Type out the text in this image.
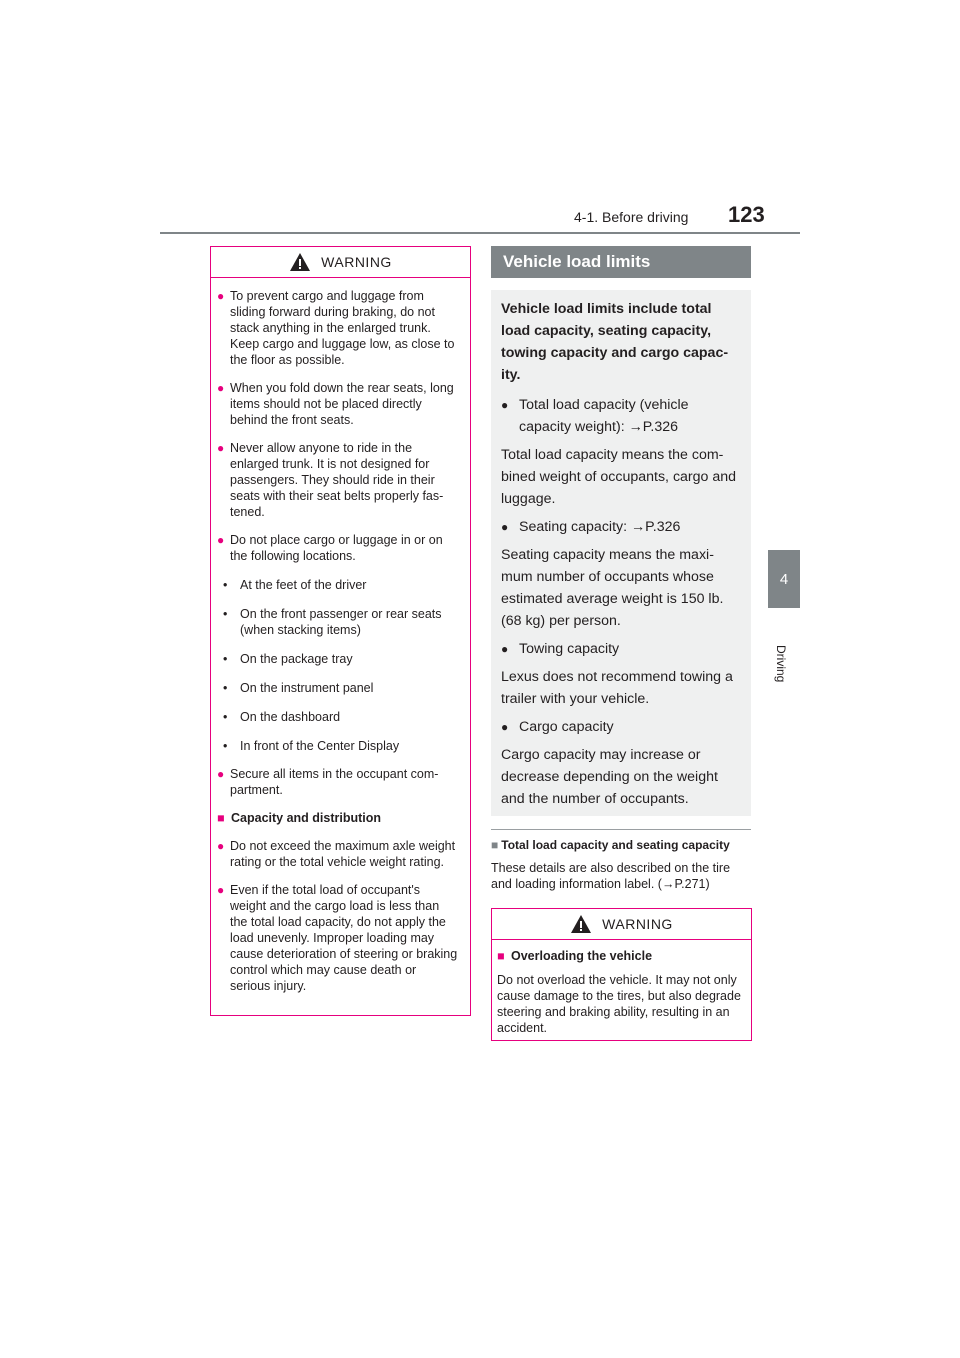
4-1. Before driving 123
4
Driving
WARNING
● To prevent cargo and luggage from sliding forward during braking, do not stack anything in the enlarged trunk. Keep cargo and luggage low, as close to the floor as possible.
● When you fold down the rear seats, long items should not be placed directly behind the front seats.
● Never allow anyone to ride in the enlarged trunk. It is not designed for passengers. They should ride in their seats with their seat belts properly fas-tened.
● Do not place cargo or luggage in or on the following locations.
•	At the feet of the driver
•	On the front passenger or rear seats (when stacking items)
•	On the package tray
•	On the instrument panel
•	On the dashboard
•	In front of the Center Display
● Secure all items in the occupant com-partment.
■ Capacity and distribution
● Do not exceed the maximum axle weight rating or the total vehicle weight rating.
● Even if the total load of occupant's weight and the cargo load is less than the total load capacity, do not apply the load unevenly. Improper loading may cause deterioration of steering or braking control which may cause death or serious injury.
Vehicle load limits
Vehicle load limits include total load capacity, seating capacity, towing capacity and cargo capac-ity.
● Total load capacity (vehicle capacity weight): →P.326
Total load capacity means the com-bined weight of occupants, cargo and luggage.
● Seating capacity: →P.326
Seating capacity means the maxi-mum number of occupants whose estimated average weight is 150 lb. (68 kg) per person.
● Towing capacity
Lexus does not recommend towing a trailer with your vehicle.
● Cargo capacity
Cargo capacity may increase or decrease depending on the weight and the number of occupants.
■ Total load capacity and seating capacity
These details are also described on the tire and loading information label. (→P.271)
WARNING
■ Overloading the vehicle
Do not overload the vehicle. It may not only cause damage to the tires, but also degrade steering and braking ability, resulting in an accident.
